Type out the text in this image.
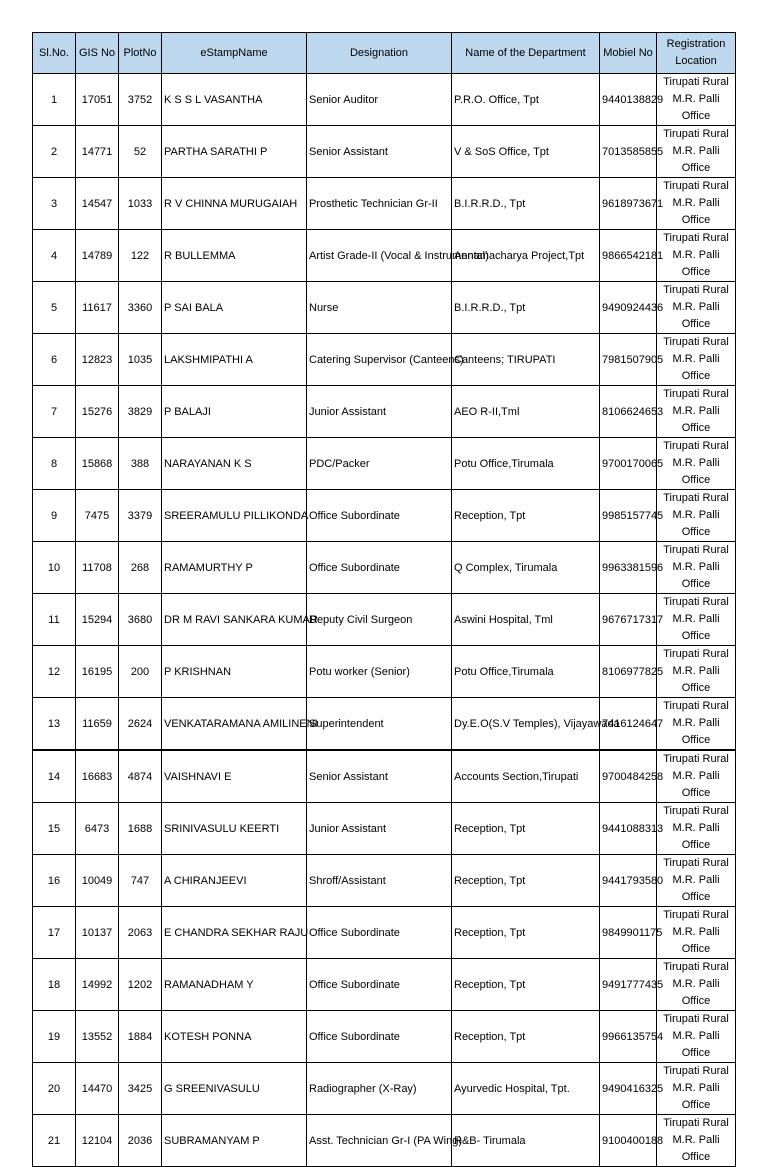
Sl.No.	GIS No	PlotNo	eStampName	Designation	Name of the Department	Mobiel No	Registration Location
1	17051	3752	K S S L VASANTHA	Senior Auditor	P.R.O. Office, Tpt	9440138829	Tirupati Rural M.R. Palli Office
2	14771	52	PARTHA SARATHI P	Senior Assistant	V & SoS Office, Tpt	7013585855	Tirupati Rural M.R. Palli Office
3	14547	1033	R V CHINNA MURUGAIAH	Prosthetic Technician Gr-II	B.I.R.R.D., Tpt	9618973671	Tirupati Rural M.R. Palli Office
4	14789	122	R BULLEMMA	Artist Grade-II (Vocal & Instrumental)	Annamacharya Project,Tpt	9866542181	Tirupati Rural M.R. Palli Office
5	11617	3360	P SAI BALA	Nurse	B.I.R.R.D., Tpt	9490924436	Tirupati Rural M.R. Palli Office
6	12823	1035	LAKSHMIPATHI A	Catering Supervisor (Canteens)	Canteens; TIRUPATI	7981507905	Tirupati Rural M.R. Palli Office
7	15276	3829	P BALAJI	Junior Assistant	AEO R-II,Tml	8106624653	Tirupati Rural M.R. Palli Office
8	15868	388	NARAYANAN K S	PDC/Packer	Potu Office,Tirumala	9700170065	Tirupati Rural M.R. Palli Office
9	7475	3379	SREERAMULU PILLIKONDA	Office Subordinate	Reception, Tpt	9985157745	Tirupati Rural M.R. Palli Office
10	11708	268	RAMAMURTHY P	Office Subordinate	Q Complex, Tirumala	9963381596	Tirupati Rural M.R. Palli Office
11	15294	3680	DR M RAVI SANKARA KUMAR	Deputy Civil Surgeon	Aswini Hospital, Tml	9676717317	Tirupati Rural M.R. Palli Office
12	16195	200	P KRISHNAN	Potu worker (Senior)	Potu Office,Tirumala	8106977825	Tirupati Rural M.R. Palli Office
13	11659	2624	VENKATARAMANA AMILINENI	Superintendent	Dy.E.O(S.V Temples), Vijayawada	7416124647	Tirupati Rural M.R. Palli Office
14	16683	4874	VAISHNAVI E	Senior Assistant	Accounts Section,Tirupati	9700484258	Tirupati Rural M.R. Palli Office
15	6473	1688	SRINIVASULU KEERTI	Junior Assistant	Reception, Tpt	9441088313	Tirupati Rural M.R. Palli Office
16	10049	747	A CHIRANJEEVI	Shroff/Assistant	Reception, Tpt	9441793580	Tirupati Rural M.R. Palli Office
17	10137	2063	E CHANDRA SEKHAR RAJU	Office Subordinate	Reception, Tpt	9849901175	Tirupati Rural M.R. Palli Office
18	14992	1202	RAMANADHAM Y	Office Subordinate	Reception, Tpt	9491777435	Tirupati Rural M.R. Palli Office
19	13552	1884	KOTESH PONNA	Office Subordinate	Reception, Tpt	9966135754	Tirupati Rural M.R. Palli Office
20	14470	3425	G SREENIVASULU	Radiographer (X-Ray)	Ayurvedic Hospital, Tpt.	9490416325	Tirupati Rural M.R. Palli Office
21	12104	2036	SUBRAMANYAM P	Asst. Technician Gr-I (PA Wing)	R&B- Tirumala	9100400188	Tirupati Rural M.R. Palli Office
